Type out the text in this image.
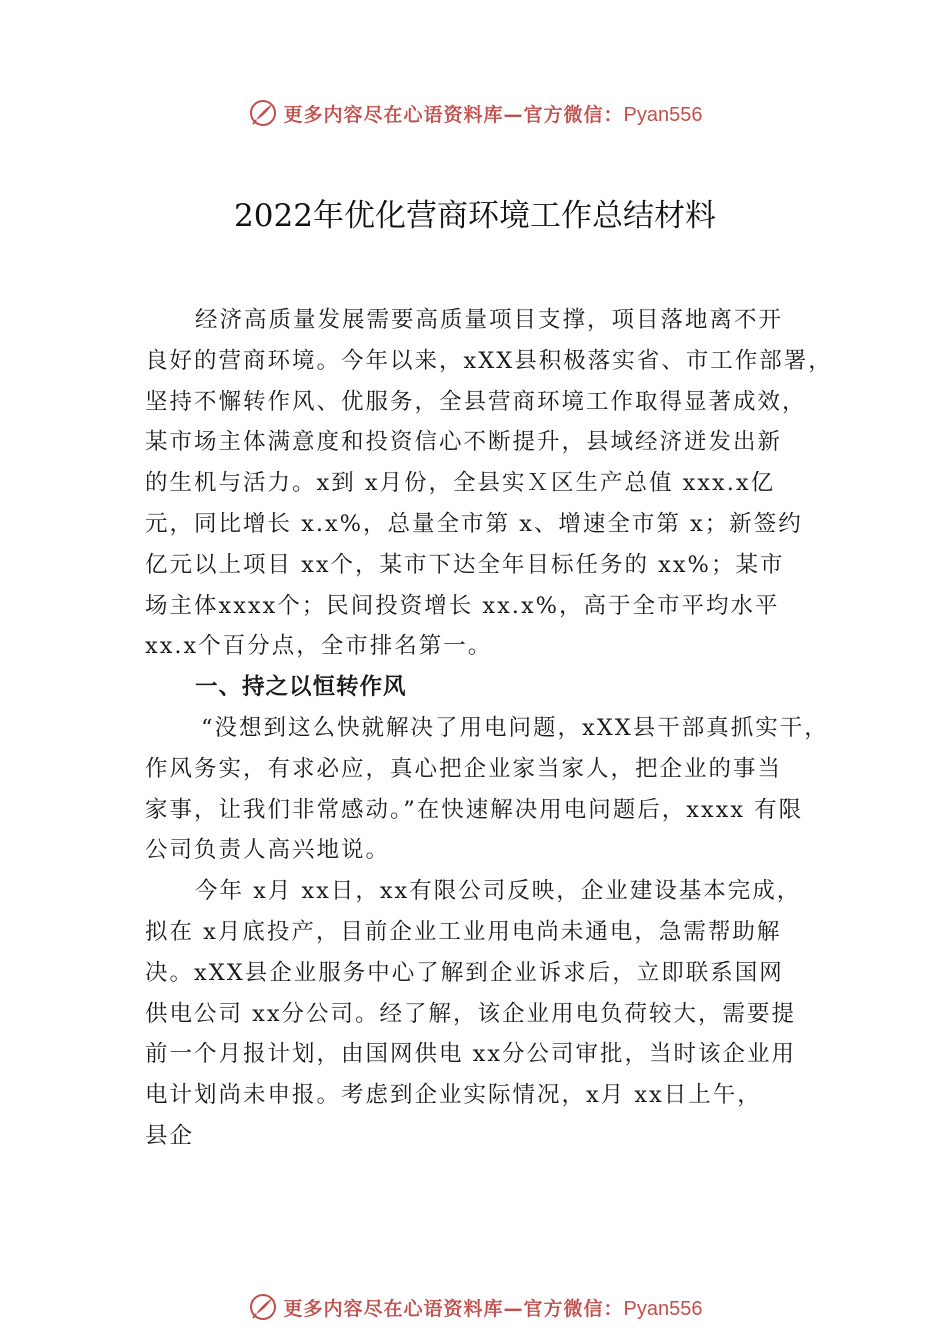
更多内容尽在心语资料库—官方微信：Pyan556
2022年优化营商环境工作总结材料
经济高质量发展需要高质量项目支撑，项目落地离不开
良好的营商环境。今年以来，xXX县积极落实省、市工作部署，
坚持不懈转作风、优服务，全县营商环境工作取得显著成效，
某市场主体满意度和投资信心不断提升，县域经济迸发出新
的生机与活力。x到 x月份，全县实Ｘ区生产总值 xxx.x亿
元，同比增长 x.x%，总量全市第 x、增速全市第 x；新签约
亿元以上项目 xx个，某市下达全年目标任务的 xx%；某市
场主体xxxx个；民间投资增长 xx.x%，高于全市平均水平
xx.x个百分点，全市排名第一。
一、持之以恒转作风
“没想到这么快就解决了用电问题，xXX县干部真抓实干，
作风务实，有求必应，真心把企业家当家人，把企业的事当
家事，让我们非常感动。”在快速解决用电问题后，xxxx 有限
公司负责人高兴地说。
今年 x月 xx日，xx有限公司反映，企业建设基本完成，
拟在 x月底投产，目前企业工业用电尚未通电，急需帮助解
决。xXX县企业服务中心了解到企业诉求后，立即联系国网
供电公司 xx分公司。经了解，该企业用电负荷较大，需要提
前一个月报计划，由国网供电 xx分公司审批，当时该企业用
电计划尚未申报。考虑到企业实际情况，x月 xx日上午，
县企
更多内容尽在心语资料库—官方微信：Pyan556
